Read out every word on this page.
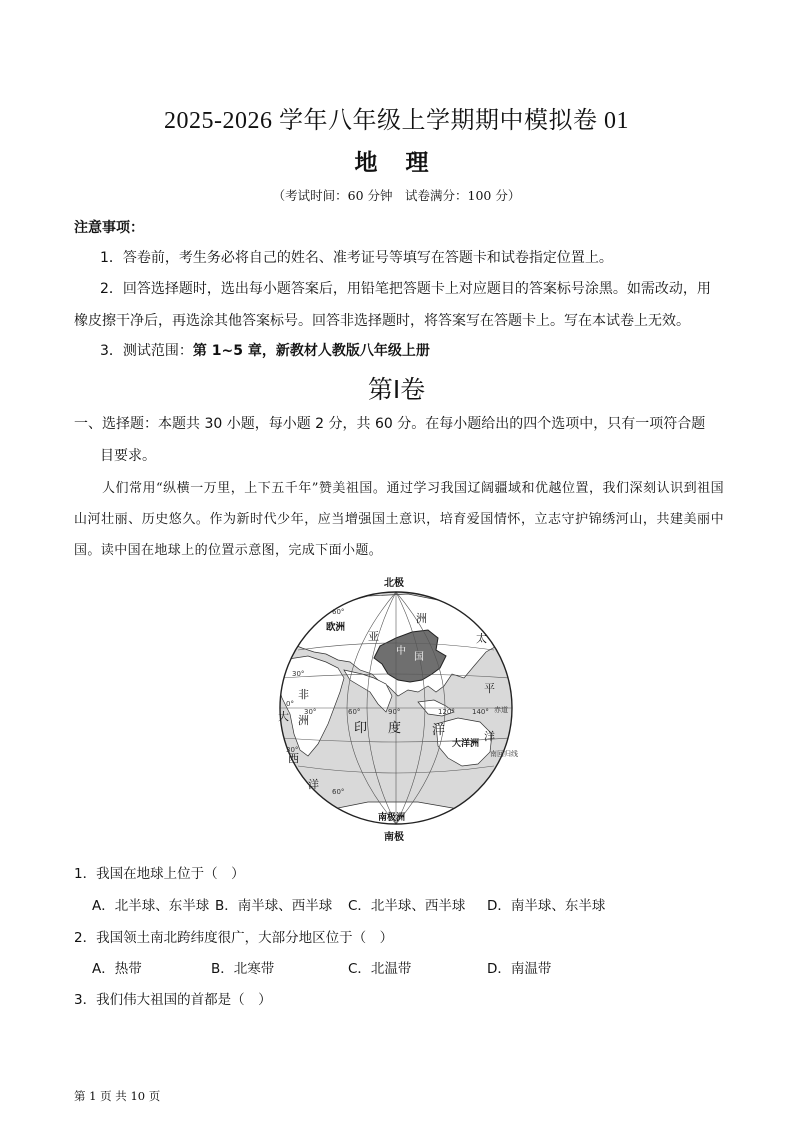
2025-2026 学年八年级上学期期中模拟卷 01
地 理
（考试时间：60 分钟　试卷满分：100 分）
注意事项：
1．答卷前，考生务必将自己的姓名、准考证号等填写在答题卡和试卷指定位置上。
2．回答选择题时，选出每小题答案后，用铅笔把答题卡上对应题目的答案标号涂黑。如需改动，用橡皮擦干净后，再选涂其他答案标号。回答非选择题时，将答案写在答题卡上。写在本试卷上无效。
3．测试范围：第 1~5 章，新教材人教版八年级上册
第Ⅰ卷
一、选择题：本题共 30 小题，每小题 2 分，共 60 分。在每小题给出的四个选项中，只有一项符合题
目要求。
人们常用“纵横一万里，上下五千年”赞美祖国。通过学习我国辽阔疆域和优越位置，我们深刻认识到祖国山河壮丽、历史悠久。作为新时代少年，应当增强国土意识，培育爱国情怀，立志守护锦绣河山，共建美丽中国。读中国在地球上的位置示意图，完成下面小题。
北极
南极
欧洲
亚
洲
中
国
太
平
洋
非
洲
大
西
洋
印 度 洋
大洋洲
南极洲
60°
30°
0°
30°
60°
30°	60°	90°	120° 140° 赤道
南回归线
1．我国在地球上位于（　）
A．北半球、东半球 B．南半球、西半球 C．北半球、西半球 D．南半球、东半球
2．我国领土南北跨纬度很广，大部分地区位于（　）
A．热带	B．北寒带	C．北温带	D．南温带
3．我们伟大祖国的首都是（　）
第 1 页 共 10 页
